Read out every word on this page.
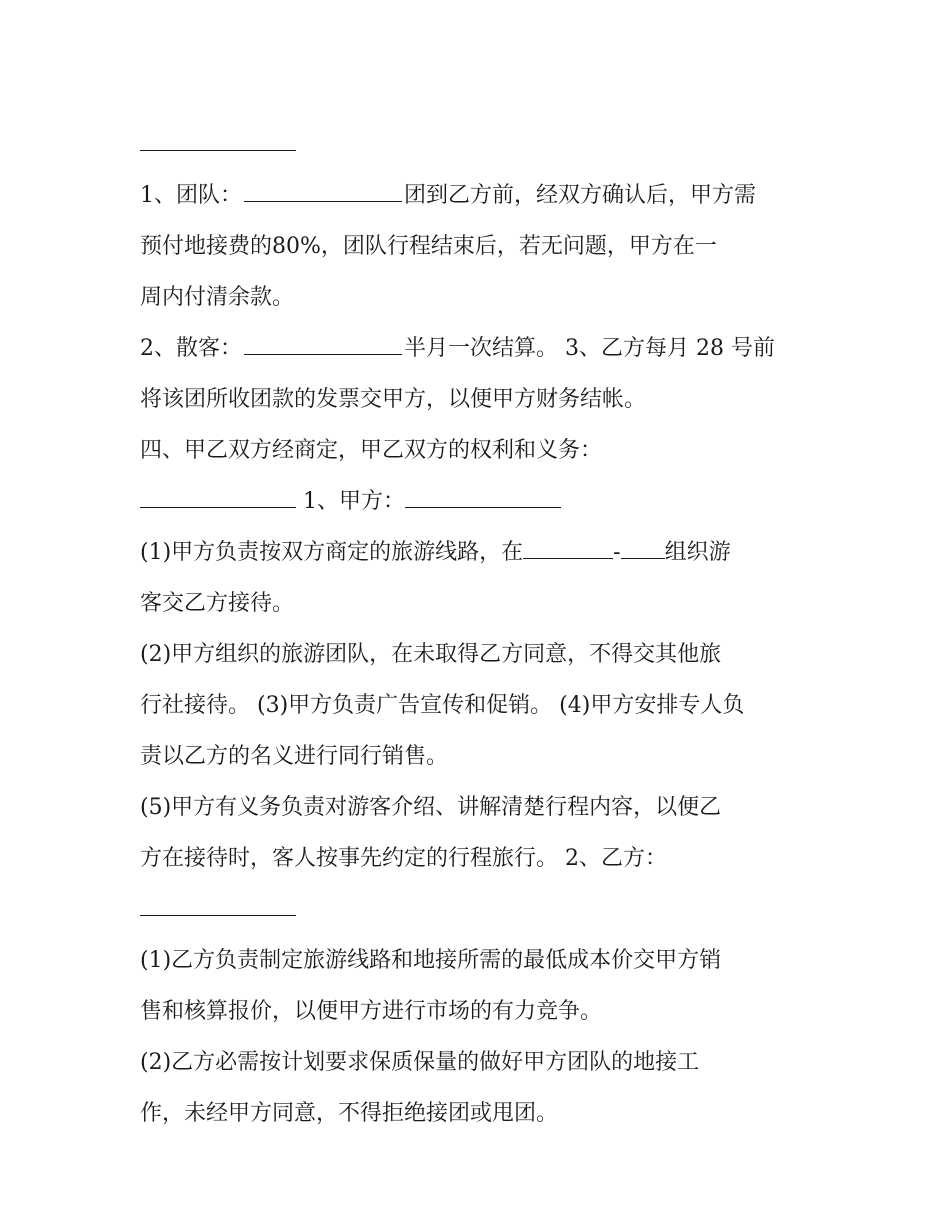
1、团队：	团到乙方前，经双方确认后，甲方需
预付地接费的80%，团队行程结束后，若无问题，甲方在一
周内付清余款。
2、散客：	半月一次结算。 3、乙方每月 28 号前
将该团所收团款的发票交甲方，以便甲方财务结帐。
四、甲乙双方经商定，甲乙双方的权利和义务：
1、甲方：
(1)甲方负责按双方商定的旅游线路，在	- 组织游
客交乙方接待。
(2)甲方组织的旅游团队，在未取得乙方同意，不得交其他旅
行社接待。 (3)甲方负责广告宣传和促销。 (4)甲方安排专人负
责以乙方的名义进行同行销售。
(5)甲方有义务负责对游客介绍、讲解清楚行程内容，以便乙
方在接待时，客人按事先约定的行程旅行。 2、乙方：
(1)乙方负责制定旅游线路和地接所需的最低成本价交甲方销
售和核算报价，以便甲方进行市场的有力竞争。
(2)乙方必需按计划要求保质保量的做好甲方团队的地接工
作，未经甲方同意，不得拒绝接团或甩团。
